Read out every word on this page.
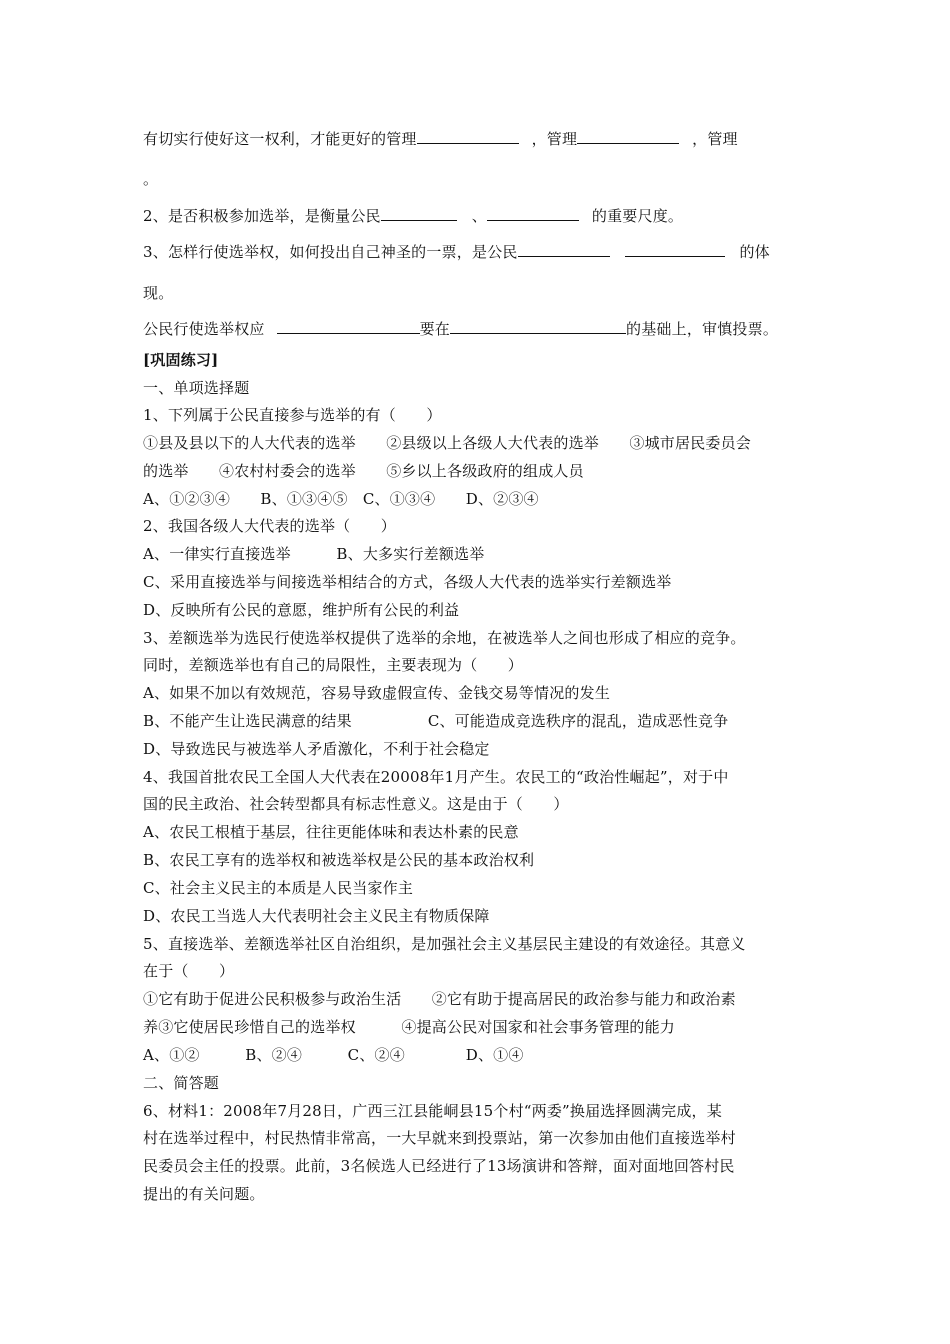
有切实行使好这一权利，才能更好的管理	，管理	，管理
。
2、是否积极参加选举，是衡量公民	、	的重要尺度。
3、怎样行使选举权，如何投出自己神圣的一票，是公民	的体
现。
公民行使选举权应	要在	的基础上，审慎投票。
[巩固练习]
一、单项选择题
1、下列属于公民直接参与选举的有（　　）
①县及县以下的人大代表的选举　　②县级以上各级人大代表的选举　　③城市居民委员会
的选举　　④农村村委会的选举　　⑤乡以上各级政府的组成人员
A、①②③④　　B、①③④⑤　C、①③④　　D、②③④
2、我国各级人大代表的选举（　　）
A、一律实行直接选举　　　B、大多实行差额选举
C、采用直接选举与间接选举相结合的方式，各级人大代表的选举实行差额选举
D、反映所有公民的意愿，维护所有公民的利益
3、差额选举为选民行使选举权提供了选举的余地，在被选举人之间也形成了相应的竞争。
同时，差额选举也有自己的局限性，主要表现为（　　）
A、如果不加以有效规范，容易导致虚假宣传、金钱交易等情况的发生
B、不能产生让选民满意的结果　　　　　C、可能造成竞选秩序的混乱，造成恶性竞争
D、导致选民与被选举人矛盾激化，不利于社会稳定
4、我国首批农民工全国人大代表在20008年1月产生。农民工的“政治性崛起”，对于中
国的民主政治、社会转型都具有标志性意义。这是由于（　　）
A、农民工根植于基层，往往更能体味和表达朴素的民意
B、农民工享有的选举权和被选举权是公民的基本政治权利
C、社会主义民主的本质是人民当家作主
D、农民工当选人大代表明社会主义民主有物质保障
5、直接选举、差额选举社区自治组织，是加强社会主义基层民主建设的有效途径。其意义
在于（　　）
①它有助于促进公民积极参与政治生活　　②它有助于提高居民的政治参与能力和政治素
养③它使居民珍惜自己的选举权　　　④提高公民对国家和社会事务管理的能力
A、①②　　　B、②④　　　C、②④　　　　D、①④
二、简答题
6、材料1：2008年7月28日，广西三江县能峒县15个村“两委”换届选择圆满完成，某
村在选举过程中，村民热情非常高，一大早就来到投票站，第一次参加由他们直接选举村
民委员会主任的投票。此前，3名候选人已经进行了13场演讲和答辩，面对面地回答村民
提出的有关问题。
